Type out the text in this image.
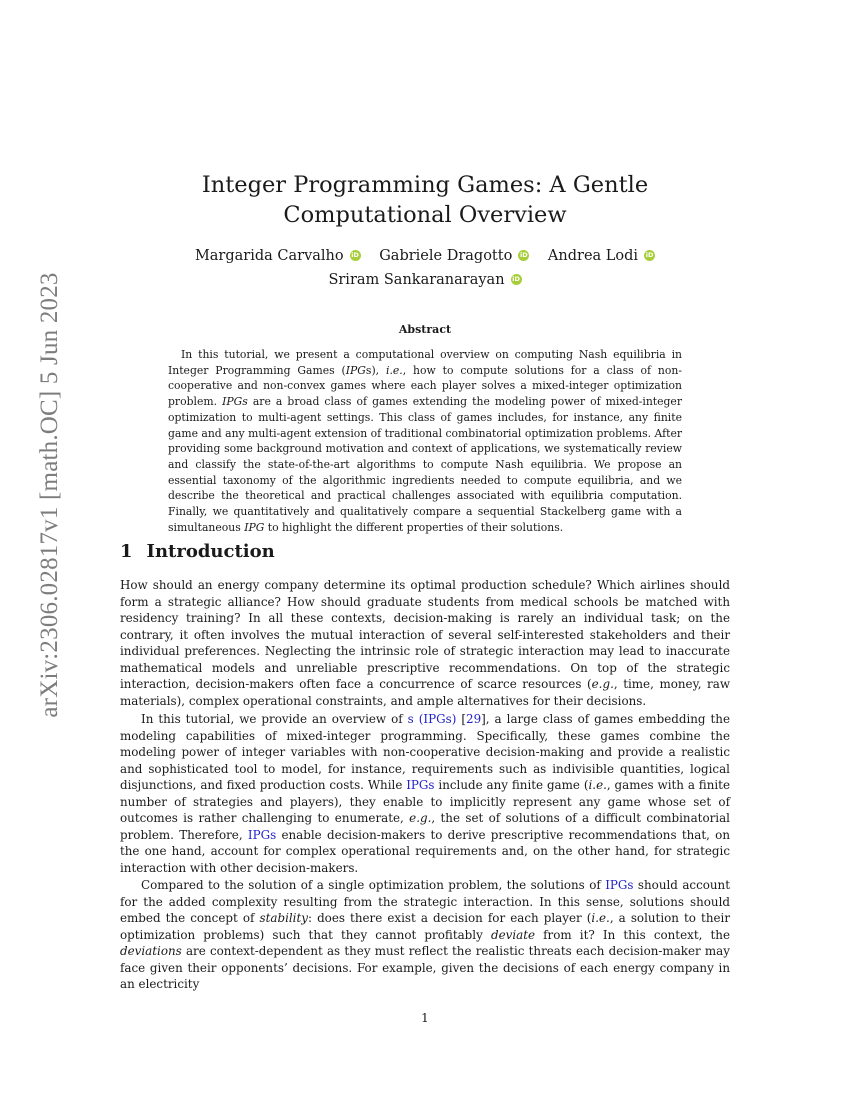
arXiv:2306.02817v1 [math.OC] 5 Jun 2023
Integer Programming Games: A Gentle Computational Overview
Margarida Carvalho iD Gabriele Dragotto iD Andrea Lodi iD
Sriram Sankaranarayan iD
Abstract

In this tutorial, we present a computational overview on computing Nash equilibria in Integer Programming Games (IPGs), i.e., how to compute solutions for a class of non-cooperative and non-convex games where each player solves a mixed-integer optimization problem. IPGs are a broad class of games extending the modeling power of mixed-integer optimization to multi-agent settings. This class of games includes, for instance, any finite game and any multi-agent extension of traditional combinatorial optimization problems. After providing some background motivation and context of applications, we systematically review and classify the state-of-the-art algorithms to compute Nash equilibria. We propose an essential taxonomy of the algorithmic ingredients needed to compute equilibria, and we describe the theoretical and practical challenges associated with equilibria computation. Finally, we quantitatively and qualitatively compare a sequential Stackelberg game with a simultaneous IPG to highlight the different properties of their solutions.

1 Introduction

How should an energy company determine its optimal production schedule? Which airlines should form a strategic alliance? How should graduate students from medical schools be matched with residency training? In all these contexts, decision-making is rarely an individual task; on the contrary, it often involves the mutual interaction of several self-interested stakeholders and their individual preferences. Neglecting the intrinsic role of strategic interaction may lead to inaccurate mathematical models and unreliable prescriptive recommendations. On top of the strategic interaction, decision-makers often face a concurrence of scarce resources (e.g., time, money, raw materials), complex operational constraints, and ample alternatives for their decisions.

In this tutorial, we provide an overview of s (IPGs) [29], a large class of games embedding the modeling capabilities of mixed-integer programming. Specifically, these games combine the modeling power of integer variables with non-cooperative decision-making and provide a realistic and sophisticated tool to model, for instance, requirements such as indivisible quantities, logical disjunctions, and fixed production costs. While IPGs include any finite game (i.e., games with a finite number of strategies and players), they enable to implicitly represent any game whose set of outcomes is rather challenging to enumerate, e.g., the set of solutions of a difficult combinatorial problem. Therefore, IPGs enable decision-makers to derive prescriptive recommendations that, on the one hand, account for complex operational requirements and, on the other hand, for strategic interaction with other decision-makers.

Compared to the solution of a single optimization problem, the solutions of IPGs should account for the added complexity resulting from the strategic interaction. In this sense, solutions should embed the concept of stability: does there exist a decision for each player (i.e., a solution to their optimization problems) such that they cannot profitably deviate from it? In this context, the deviations are context-dependent as they must reflect the realistic threats each decision-maker may face given their opponents’ decisions. For example, given the decisions of each energy company in an electricity

1
